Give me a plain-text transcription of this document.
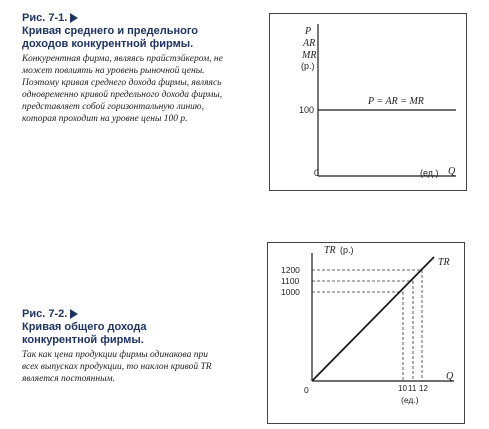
Рис. 7-1.
Кривая среднего и предельного доходов конкурентной фирмы.
Конкурентная фирма, являясь прайстэйкером, не может повлиять на уровень рыночной цены. Поэтому кривая среднего дохода фирмы, являясь одновременно кривой предельного дохода фирмы, представляет собой горизонтальную линию, которая проходит на уровне цены 100 р.
P
AR
MR
(р.)
100
P = AR = MR
0	(ед.) Q
Рис. 7-2.
Кривая общего дохода конкурентной фирмы.
Так как цена продукции фирмы одинакова при всех выпусках продукции, то наклон кривой TR является постоянным.
TR (р.)
1200
1100
1000
TR
0	10 11 12
(ед.)
Q
